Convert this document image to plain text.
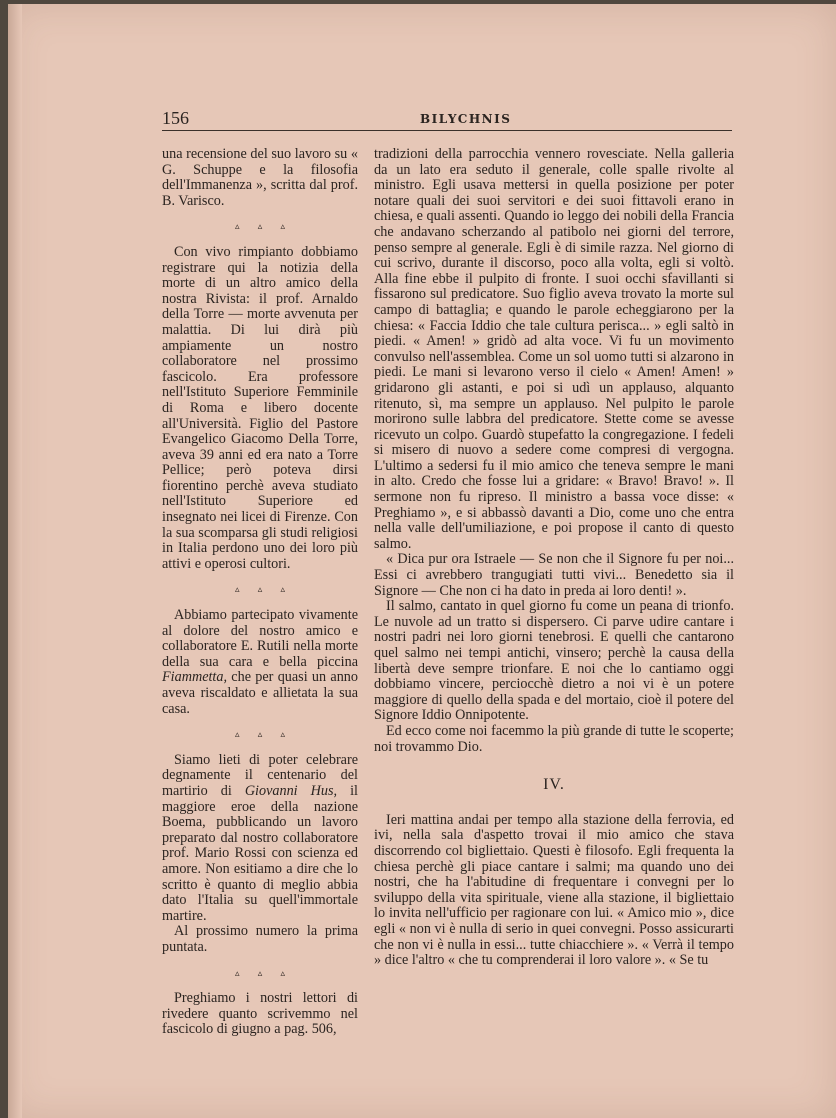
156	BILYCHNIS

una recensione del suo lavoro su « G. Schuppe e la filosofia dell'Immanenza », scritta dal prof. B. Varisco.

▵ ▵ ▵

Con vivo rimpianto dobbiamo registrare qui la notizia della morte di un altro amico della nostra Rivista: il prof. Arnaldo della Torre — morte avvenuta per malattia. Di lui dirà più ampiamente un nostro collaboratore nel prossimo fascicolo. Era professore nell'Istituto Superiore Femminile di Roma e libero docente all'Università. Figlio del Pastore Evangelico Giacomo Della Torre, aveva 39 anni ed era nato a Torre Pellice; però poteva dirsi fiorentino perchè aveva studiato nell'Istituto Superiore ed insegnato nei licei di Firenze. Con la sua scomparsa gli studi religiosi in Italia perdono uno dei loro più attivi e operosi cultori.

▵ ▵ ▵

Abbiamo partecipato vivamente al dolore del nostro amico e collaboratore E. Rutili nella morte della sua cara e bella piccina Fiammetta, che per quasi un anno aveva riscaldato e allietata la sua casa.

▵ ▵ ▵

Siamo lieti di poter celebrare degnamente il centenario del martirio di Giovanni Hus, il maggiore eroe della nazione Boema, pubblicando un lavoro preparato dal nostro collaboratore prof. Mario Rossi con scienza ed amore. Non esitiamo a dire che lo scritto è quanto di meglio abbia dato l'Italia su quell'immortale martire.

Al prossimo numero la prima puntata.

▵ ▵ ▵

Preghiamo i nostri lettori di rivedere quanto scrivemmo nel fascicolo di giugno a pag. 506,

tradizioni della parrocchia vennero rovesciate. Nella galleria da un lato era seduto il generale, colle spalle rivolte al ministro. Egli usava mettersi in quella posizione per poter notare quali dei suoi servitori e dei suoi fittavoli erano in chiesa, e quali assenti. Quando io leggo dei nobili della Francia che andavano scherzando al patibolo nei giorni del terrore, penso sempre al generale. Egli è di simile razza. Nel giorno di cui scrivo, durante il discorso, poco alla volta, egli si voltò. Alla fine ebbe il pulpito di fronte. I suoi occhi sfavillanti si fissarono sul predicatore. Suo figlio aveva trovato la morte sul campo di battaglia; e quando le parole echeggiarono per la chiesa: « Faccia Iddio che tale cultura perisca... » egli saltò in piedi. « Amen! » gridò ad alta voce. Vi fu un movimento convulso nell'assemblea. Come un sol uomo tutti si alzarono in piedi. Le mani si levarono verso il cielo « Amen! Amen! » gridarono gli astanti, e poi si udì un applauso, alquanto ritenuto, sì, ma sempre un applauso. Nel pulpito le parole morirono sulle labbra del predicatore. Stette come se avesse ricevuto un colpo. Guardò stupefatto la congregazione. I fedeli si misero di nuovo a sedere come compresi di vergogna. L'ultimo a sedersi fu il mio amico che teneva sempre le mani in alto. Credo che fosse lui a gridare: « Bravo! Bravo! ». Il sermone non fu ripreso. Il ministro a bassa voce disse: « Preghiamo », e si abbassò davanti a Dio, come uno che entra nella valle dell'umiliazione, e poi propose il canto di questo salmo.

« Dica pur ora Istraele — Se non che il Signore fu per noi... Essi ci avrebbero trangugiati tutti vivi... Benedetto sia il Signore — Che non ci ha dato in preda ai loro denti! ».

Il salmo, cantato in quel giorno fu come un peana di trionfo. Le nuvole ad un tratto si dispersero. Ci parve udire cantare i nostri padri nei loro giorni tenebrosi. E quelli che cantarono quel salmo nei tempi antichi, vinsero; perchè la causa della libertà deve sempre trionfare. E noi che lo cantiamo oggi dobbiamo vincere, perciocchè dietro a noi vi è un potere maggiore di quello della spada e del mortaio, cioè il potere del Signore Iddio Onnipotente.

Ed ecco come noi facemmo la più grande di tutte le scoperte; noi trovammo Dio.

IV.

Ieri mattina andai per tempo alla stazione della ferrovia, ed ivi, nella sala d'aspetto trovai il mio amico che stava discorrendo col bigliettaio. Questi è filosofo. Egli frequenta la chiesa perchè gli piace cantare i salmi; ma quando uno dei nostri, che ha l'abitudine di frequentare i convegni per lo sviluppo della vita spirituale, viene alla stazione, il bigliettaio lo invita nell'ufficio per ragionare con lui. « Amico mio », dice egli « non vi è nulla di serio in quei convegni. Posso assicurarti che non vi è nulla in essi... tutte chiacchiere ». « Verrà il tempo » dice l'altro « che tu comprenderai il loro valore ». « Se tu
